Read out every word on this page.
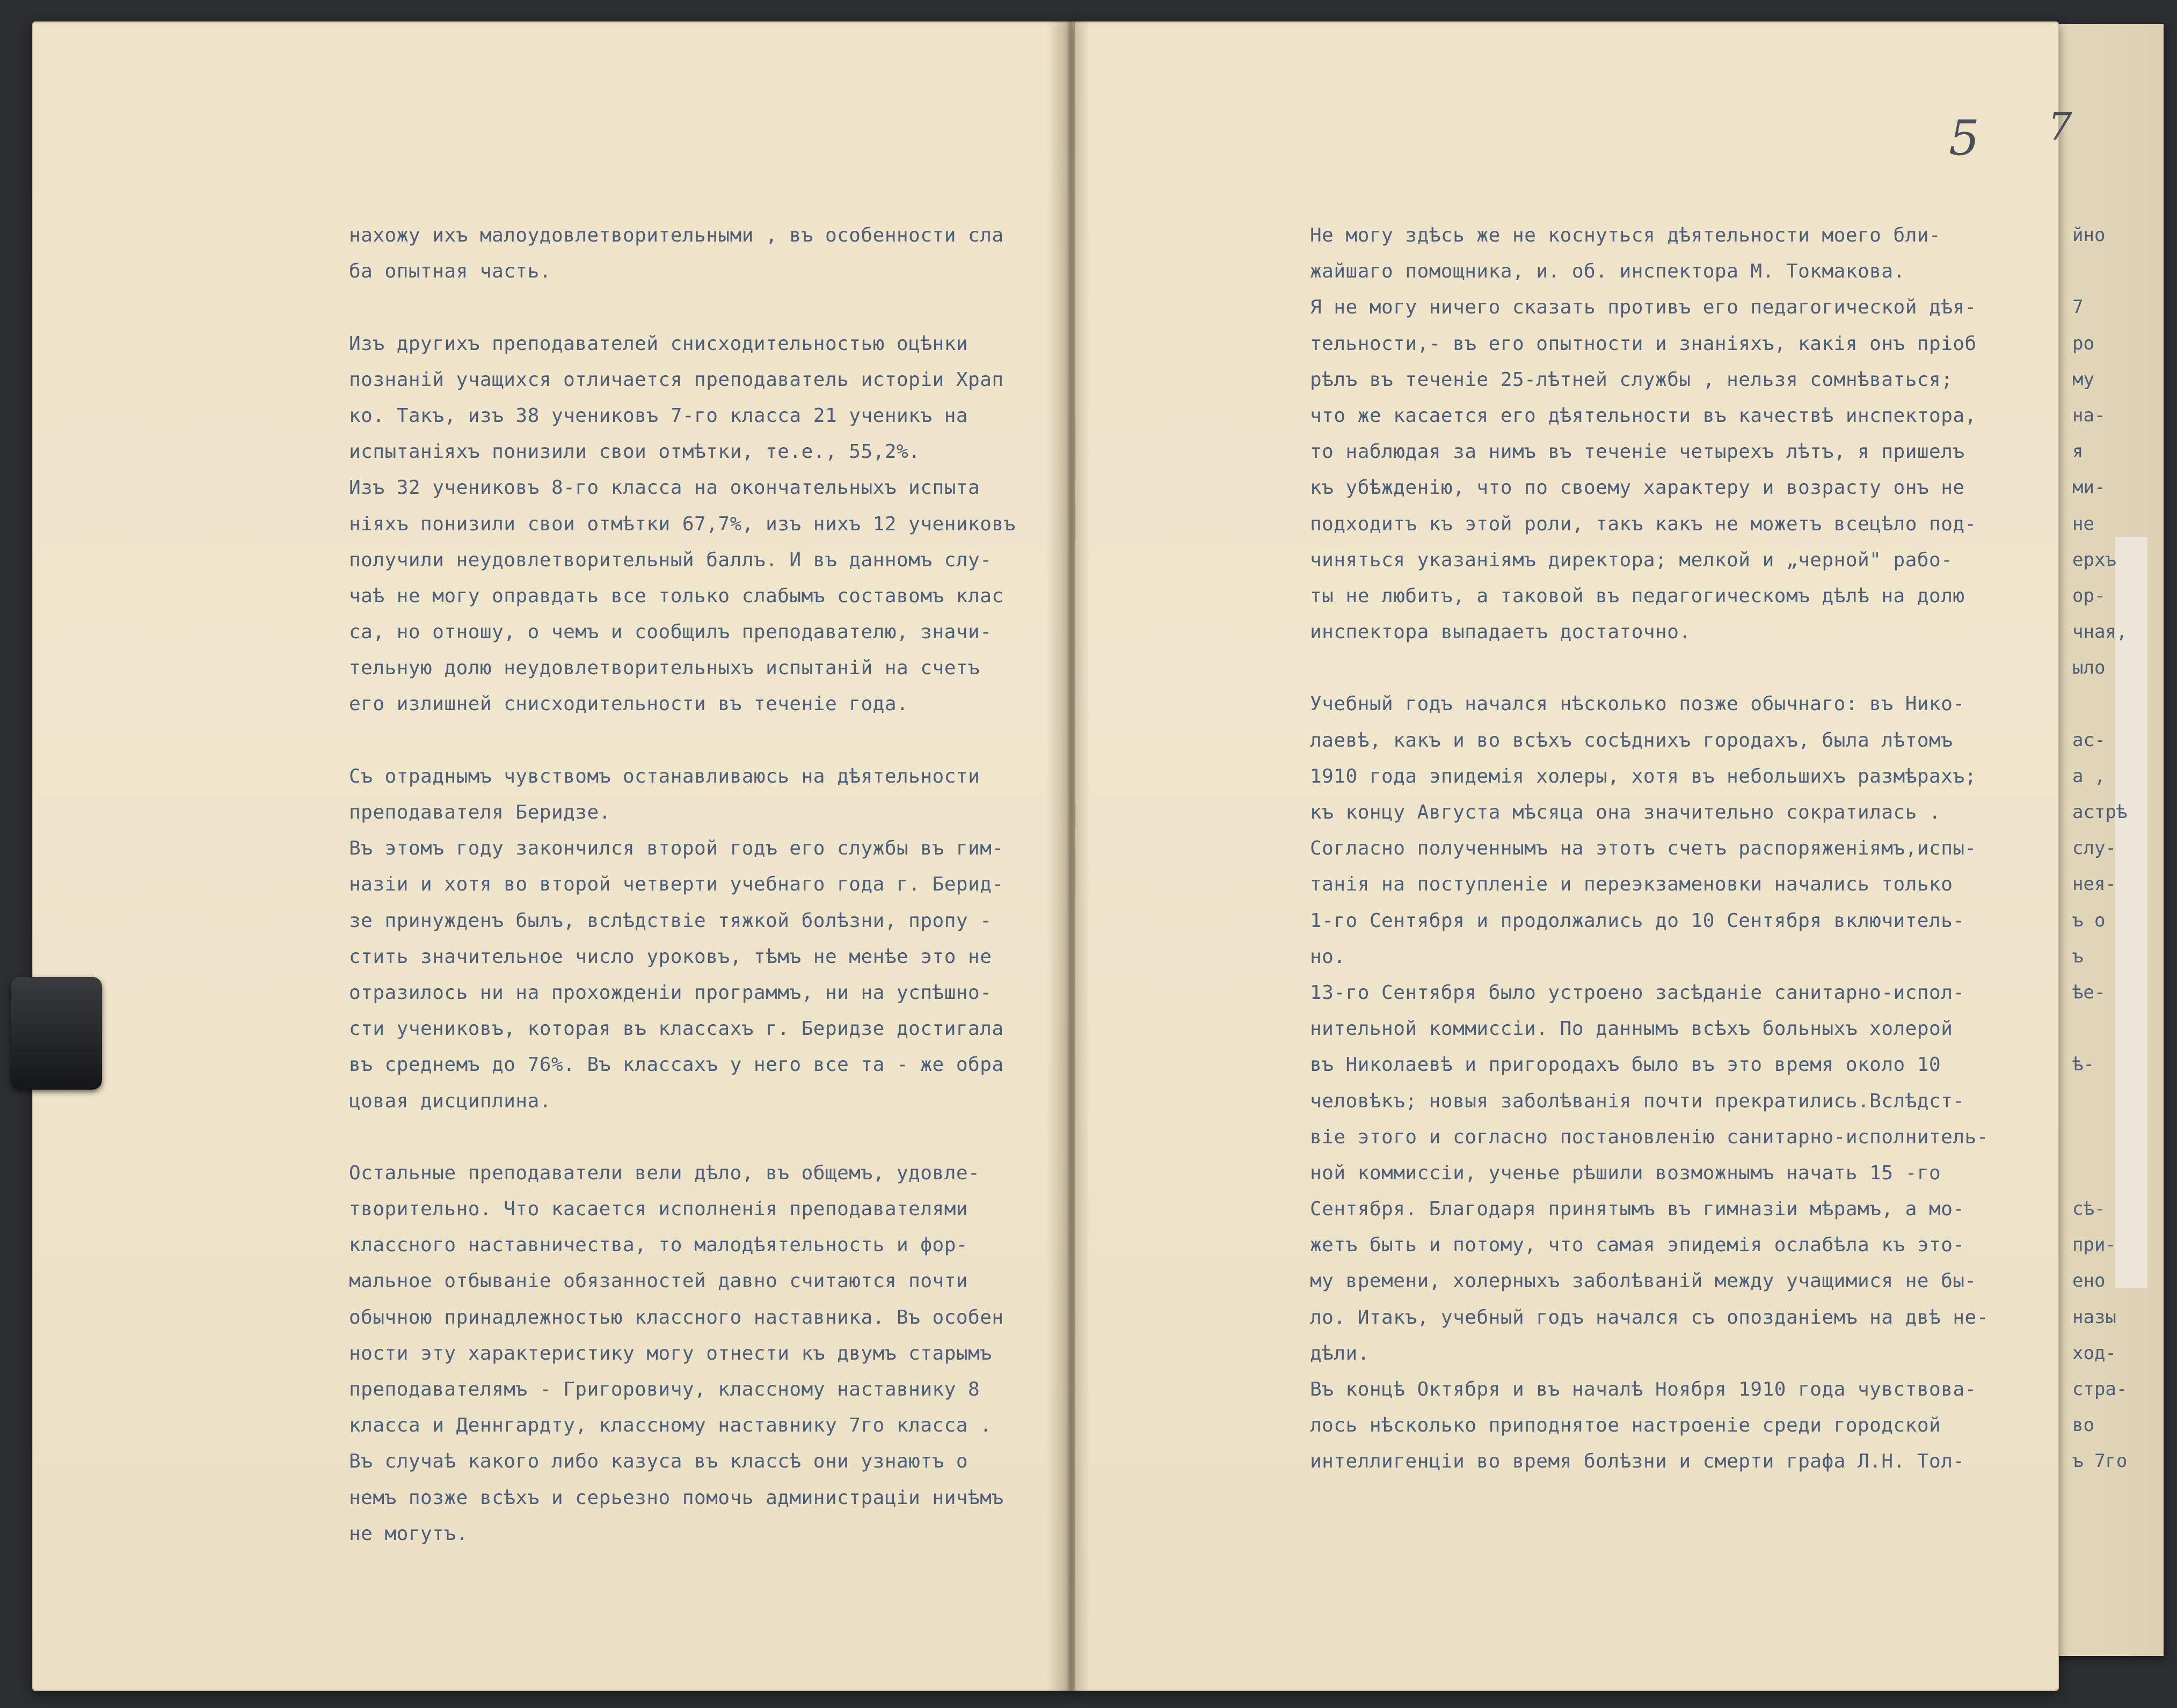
5 7
нахожу ихъ малоудовлетворительными , въ особенности сла
ба опытная часть.
Изъ другихъ преподавателей снисходительностью оцѣнки
познаній учащихся отличается преподаватель исторіи Храп
ко. Такъ, изъ 38 учениковъ 7-го класса 21 ученикъ на
испытаніяхъ понизили свои отмѣтки, те.е., 55,2%.
Изъ 32 учениковъ 8-го класса на окончательныхъ испыта
ніяхъ понизили свои отмѣтки 67,7%, изъ нихъ 12 учениковъ
получили неудовлетворительный баллъ. И въ данномъ слу-
чаѣ не могу оправдать все только слабымъ составомъ клас
са, но отношу, о чемъ и сообщилъ преподавателю, значи-
тельную долю неудовлетворительныхъ испытаній на счетъ
его излишней снисходительности въ теченіе года.
Съ отраднымъ чувствомъ останавливаюсь на дѣятельности
преподавателя Беридзе.
Въ этомъ году закончился второй годъ его службы въ гим-
назіи и хотя во второй четверти учебнаго года г. Берид-
зе принужденъ былъ, вслѣдствіе тяжкой болѣзни, пропу -
стить значительное число уроковъ, тѣмъ не менѣе это не
отразилось ни на прохожденіи программъ, ни на успѣшно-
сти учениковъ, которая въ классахъ г. Беридзе достигала
въ среднемъ до 76%. Въ классахъ у него все та - же обра
цовая дисциплина.
Остальные преподаватели вели дѣло, въ общемъ, удовле-
творительно. Что касается исполненія преподавателями
классного наставничества, то малодѣятельность и фор-
мальное отбываніе обязанностей давно считаются почти
обычною принадлежностью классного наставника. Въ особен
ности эту характеристику могу отнести къ двумъ старымъ
преподавателямъ - Григоровичу, классному наставнику 8
класса и Деннгардту, классному наставнику 7го класса .
Въ случаѣ какого либо казуса въ классѣ они узнаютъ о
немъ позже всѣхъ и серьезно помочь администраціи ничѣмъ
не могутъ.
Не могу здѣсь же не коснуться дѣятельности моего бли-
жайшаго помощника, и. об. инспектора М. Токмакова.
Я не могу ничего сказать противъ его педагогической дѣя-
тельности,- въ его опытности и знаніяхъ, какія онъ пріоб
рѣлъ въ теченіе 25-лѣтней службы , нельзя сомнѣваться;
что же касается его дѣятельности въ качествѣ инспектора,
то наблюдая за нимъ въ теченіе четырехъ лѣтъ, я пришелъ
къ убѣжденію, что по своему характеру и возрасту онъ не
подходитъ къ этой роли, такъ какъ не можетъ всецѣло под-
чиняться указаніямъ директора; мелкой и „черной" рабо-
ты не любитъ, а таковой въ педагогическомъ дѣлѣ на долю
инспектора выпадаетъ достаточно.
Учебный годъ начался нѣсколько позже обычнаго: въ Нико-
лаевѣ, какъ и во всѣхъ сосѣднихъ городахъ, была лѣтомъ
1910 года эпидемія холеры, хотя въ небольшихъ размѣрахъ;
къ концу Августа мѣсяца она значительно сократилась .
Согласно полученнымъ на этотъ счетъ распоряженіямъ,испы-
танія на поступленіе и переэкзаменовки начались только
1-го Сентября и продолжались до 10 Сентября включитель-
но.
13-го Сентября было устроено засѣданіе санитарно-испол-
нительной коммиссіи. По даннымъ всѣхъ больныхъ холерой
въ Николаевѣ и пригородахъ было въ это время около 10
человѣкъ; новыя заболѣванія почти прекратились.Вслѣдст-
віе этого и согласно постановленію санитарно-исполнитель-
ной коммиссіи, ученье рѣшили возможнымъ начать 15 -го
Сентября. Благодаря принятымъ въ гимназіи мѣрамъ, а мо-
жетъ быть и потому, что самая эпидемія ослабѣла къ это-
му времени, холерныхъ заболѣваній между учащимися не бы-
ло. Итакъ, учебный годъ начался съ опозданіемъ на двѣ не-
дѣли.
Въ концѣ Октября и въ началѣ Ноября 1910 года чувствова-
лось нѣсколько приподнятое настроеніе среди городской
интеллигенціи во время болѣзни и смерти графа Л.Н. Тол-
йно
7
ро
му
на-
я
ми-
не
ерхъ
ор-
чная,
ыло
ас-
а ,
астрѣ
слу-
нея-
ъ о
ъ
ѣе-
ѣ-
сѣ-
при-
ено
назы
ход-
стра-
во
ъ 7го
